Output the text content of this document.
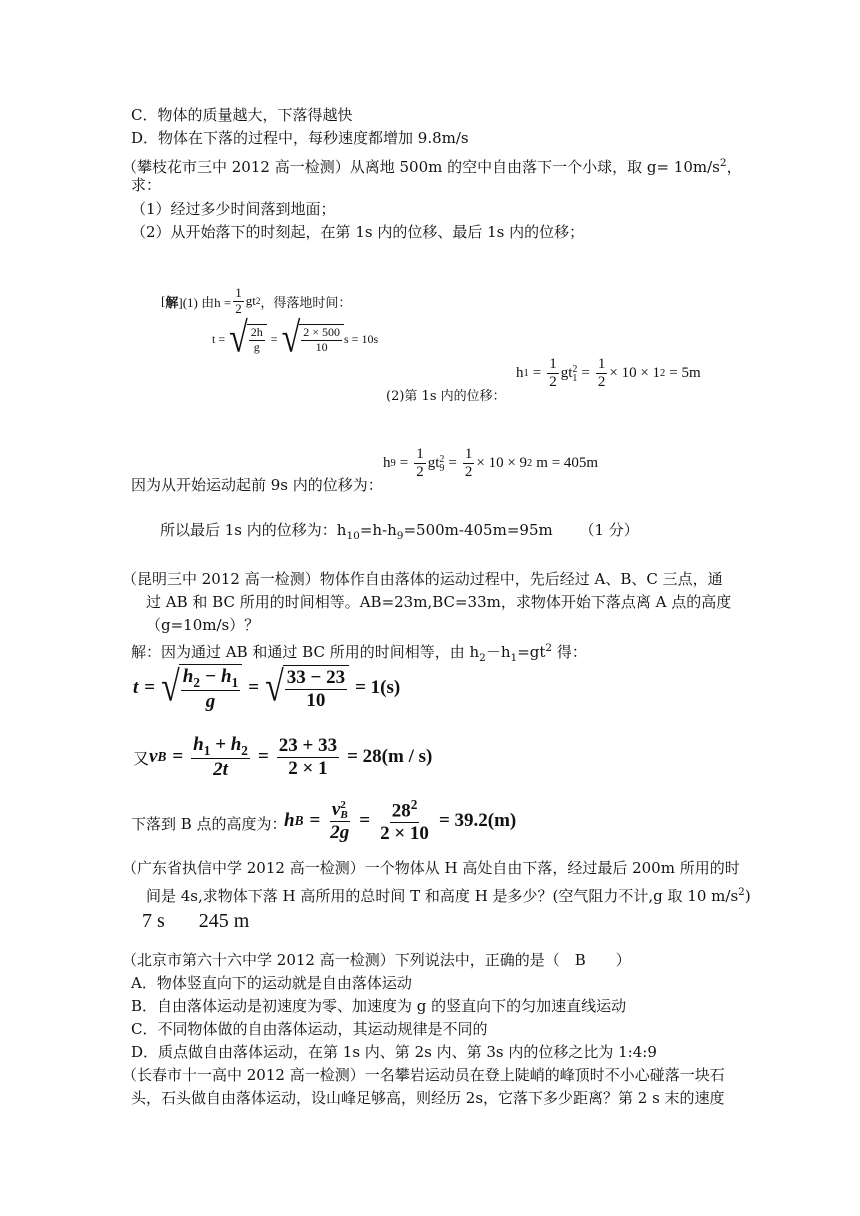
C．物体的质量越大，下落得越快
D．物体在下落的过程中，每秒速度都增加 9.8m/s
（攀枝花市三中 2012 高一检测）从离地 500m 的空中自由落下一个小球，取 $g= 10m/s^2$，
求：
（1）经过多少时间落到地面；
（2）从开始落下的时刻起，在第 1s 内的位移、最后 1s 内的位移；
[ 解 ](1) 由$h = \frac{1}{2}$ gt 2 ，得落地时间：
t = √ $\frac{2h}{g}$ = √ $\frac{2 \times 500}{10}$ s = 10s
h $1 = \frac{1}{2}$ gt 2
$1 = \frac{1}{2} \times 10 \times 1$ 2 = 5m
(2)第 1s 内的位移：
h $9 = \frac{1}{2}$ gt 2
$9 = \frac{1}{2} \times 10 \times 9$ 2 m = 405m
因为从开始运动起前 9s 内的位移为：
所以最后 1s 内的位移为：$h_{10}=h-h_9=500m-405m=95m$ （1 分）
（昆明三中 2012 高一检测）物体作自由落体的运动过程中，先后经过 A、B、C 三点，通
过 AB 和 BC 所用的时间相等。AB=23m,BC=33m，求物体开始下落点离 A 点的高度
（g=10m/s）？
解：因为通过 AB 和通过 BC 所用的时间相等，由 $h_2-h_1=gt^2$ 得：
t = √ $\frac{h_2 - h_1}{g}$ = √ $\frac{33 - 23}{10} = 1(s)$
又 v $B = \frac{h_1 + h_2}{2t} = \frac{23 + 33}{2 \times 1} = 28(m / s)$
下落到 B 点的高度为：
h B = v 2
B
$2g = \frac{28^2}{2 \times 10} = 39.2(m)$
（广东省执信中学 2012 高一检测）一个物体从 H 高处自由下落，经过最后 200m 所用的时
间是 4s,求物体下落 H 高所用的总时间 T 和高度 H 是多少？(空气阻力不计,g 取 10 $m/s^2$)
7 s 245 m
（北京市第六十六中学 2012 高一检测）下列说法中，正确的是（　B　　）
A．物体竖直向下的运动就是自由落体运动
B．自由落体运动是初速度为零、加速度为 g 的竖直向下的匀加速直线运动
C．不同物体做的自由落体运动，其运动规律是不同的
D．质点做自由落体运动，在第 1s 内、第 2s 内、第 3s 内的位移之比为 1:4:9
（长春市十一高中 2012 高一检测）一名攀岩运动员在登上陡峭的峰顶时不小心碰落一块石
头，石头做自由落体运动，设山峰足够高，则经历 2s，它落下多少距离？第 2 s 末的速度
